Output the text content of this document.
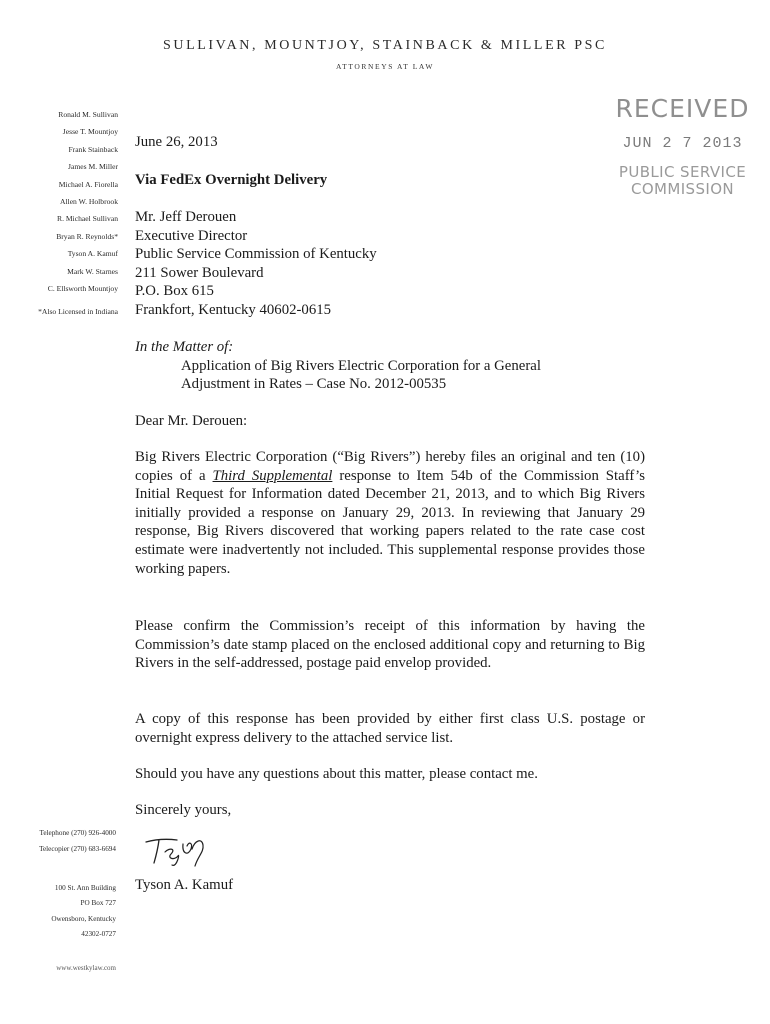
SULLIVAN, MOUNTJOY, STAINBACK & MILLER PSC
ATTORNEYS AT LAW
Ronald M. Sullivan
Jesse T. Mountjoy
Frank Stainback
James M. Miller
Michael A. Fiorella
Allen W. Holbrook
R. Michael Sullivan
Bryan R. Reynolds*
Tyson A. Kamuf
Mark W. Starnes
C. Ellsworth Mountjoy
*Also Licensed in Indiana
RECEIVED
JUN 2 7 2013
PUBLIC SERVICE
COMMISSION
June 26, 2013
Via FedEx Overnight Delivery
Mr. Jeff Derouen
Executive Director
Public Service Commission of Kentucky
211 Sower Boulevard
P.O. Box 615
Frankfort, Kentucky 40602-0615
In the Matter of:
Application of Big Rivers Electric Corporation for a General
Adjustment in Rates – Case No. 2012-00535
Dear Mr. Derouen:
Big Rivers Electric Corporation (“Big Rivers”) hereby files an original and ten (10) copies of a Third Supplemental response to Item 54b of the Commission Staff’s Initial Request for Information dated December 21, 2013, and to which Big Rivers initially provided a response on January 29, 2013. In reviewing that January 29 response, Big Rivers discovered that working papers related to the rate case cost estimate were inadvertently not included. This supplemental response provides those working papers.
Please confirm the Commission’s receipt of this information by having the Commission’s date stamp placed on the enclosed additional copy and returning to Big Rivers in the self-addressed, postage paid envelop provided.
A copy of this response has been provided by either first class U.S. postage or overnight express delivery to the attached service list.
Should you have any questions about this matter, please contact me.
Sincerely yours,
Tyson A. Kamuf
Telephone (270) 926-4000
Telecopier (270) 683-6694
100 St. Ann Building
PO Box 727
Owensboro, Kentucky
42302-0727
www.westkylaw.com
